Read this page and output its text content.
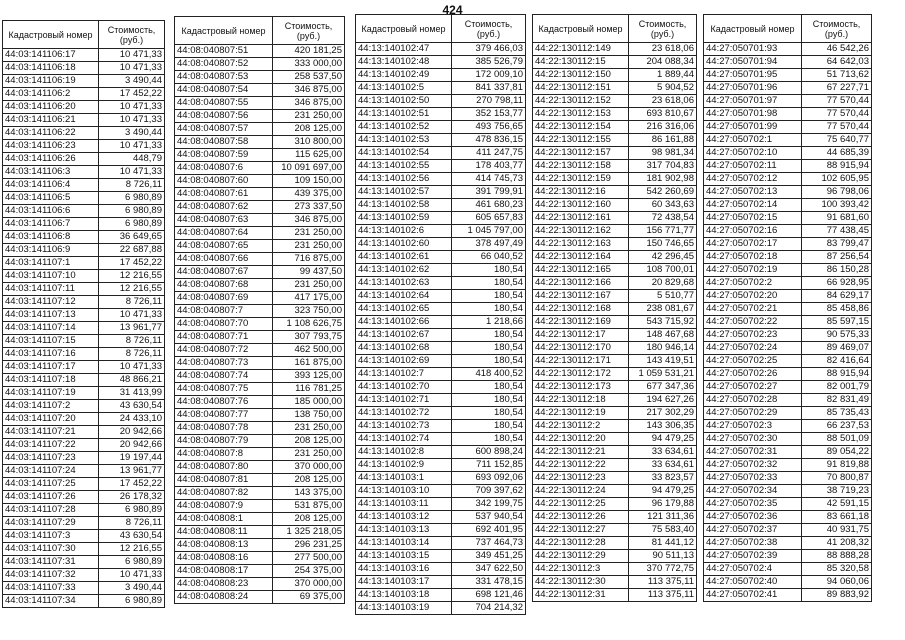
424
Кадастровый номер	Стоимость, (руб.)
44:03:141106:17	10 471,33
44:03:141106:18	10 471,33
44:03:141106:19	3 490,44
44:03:141106:2	17 452,22
44:03:141106:20	10 471,33
44:03:141106:21	10 471,33
44:03:141106:22	3 490,44
44:03:141106:23	10 471,33
44:03:141106:26	448,79
44:03:141106:3	10 471,33
44:03:141106:4	8 726,11
44:03:141106:5	6 980,89
44:03:141106:6	6 980,89
44:03:141106:7	6 980,89
44:03:141106:8	36 649,65
44:03:141106:9	22 687,88
44:03:141107:1	17 452,22
44:03:141107:10	12 216,55
44:03:141107:11	12 216,55
44:03:141107:12	8 726,11
44:03:141107:13	10 471,33
44:03:141107:14	13 961,77
44:03:141107:15	8 726,11
44:03:141107:16	8 726,11
44:03:141107:17	10 471,33
44:03:141107:18	48 866,21
44:03:141107:19	31 413,99
44:03:141107:2	43 630,54
44:03:141107:20	24 433,10
44:03:141107:21	20 942,66
44:03:141107:22	20 942,66
44:03:141107:23	19 197,44
44:03:141107:24	13 961,77
44:03:141107:25	17 452,22
44:03:141107:26	26 178,32
44:03:141107:28	6 980,89
44:03:141107:29	8 726,11
44:03:141107:3	43 630,54
44:03:141107:30	12 216,55
44:03:141107:31	6 980,89
44:03:141107:32	10 471,33
44:03:141107:33	3 490,44
44:03:141107:34	6 980,89
Кадастровый номер	Стоимость, (руб.)
44:08:040807:51	420 181,25
44:08:040807:52	333 000,00
44:08:040807:53	258 537,50
44:08:040807:54	346 875,00
44:08:040807:55	346 875,00
44:08:040807:56	231 250,00
44:08:040807:57	208 125,00
44:08:040807:58	310 800,00
44:08:040807:59	115 625,00
44:08:040807:6	10 091 697,00
44:08:040807:60	109 150,00
44:08:040807:61	439 375,00
44:08:040807:62	273 337,50
44:08:040807:63	346 875,00
44:08:040807:64	231 250,00
44:08:040807:65	231 250,00
44:08:040807:66	716 875,00
44:08:040807:67	99 437,50
44:08:040807:68	231 250,00
44:08:040807:69	417 175,00
44:08:040807:7	323 750,00
44:08:040807:70	1 108 626,75
44:08:040807:71	307 793,75
44:08:040807:72	462 500,00
44:08:040807:73	161 875,00
44:08:040807:74	393 125,00
44:08:040807:75	116 781,25
44:08:040807:76	185 000,00
44:08:040807:77	138 750,00
44:08:040807:78	231 250,00
44:08:040807:79	208 125,00
44:08:040807:8	231 250,00
44:08:040807:80	370 000,00
44:08:040807:81	208 125,00
44:08:040807:82	143 375,00
44:08:040807:9	531 875,00
44:08:040808:1	208 125,00
44:08:040808:11	1 325 218,05
44:08:040808:13	296 231,25
44:08:040808:16	277 500,00
44:08:040808:17	254 375,00
44:08:040808:23	370 000,00
44:08:040808:24	69 375,00
Кадастровый номер	Стоимость, (руб.)
44:13:140102:47	379 466,03
44:13:140102:48	385 526,79
44:13:140102:49	172 009,10
44:13:140102:5	841 337,81
44:13:140102:50	270 798,11
44:13:140102:51	352 153,77
44:13:140102:52	493 756,65
44:13:140102:53	478 836,15
44:13:140102:54	411 247,75
44:13:140102:55	178 403,77
44:13:140102:56	414 745,73
44:13:140102:57	391 799,91
44:13:140102:58	461 680,23
44:13:140102:59	605 657,83
44:13:140102:6	1 045 797,00
44:13:140102:60	378 497,49
44:13:140102:61	66 040,52
44:13:140102:62	180,54
44:13:140102:63	180,54
44:13:140102:64	180,54
44:13:140102:65	180,54
44:13:140102:66	1 218,66
44:13:140102:67	180,54
44:13:140102:68	180,54
44:13:140102:69	180,54
44:13:140102:7	418 400,52
44:13:140102:70	180,54
44:13:140102:71	180,54
44:13:140102:72	180,54
44:13:140102:73	180,54
44:13:140102:74	180,54
44:13:140102:8	600 898,24
44:13:140102:9	711 152,85
44:13:140103:1	693 092,06
44:13:140103:10	709 397,62
44:13:140103:11	342 199,75
44:13:140103:12	537 940,54
44:13:140103:13	692 401,95
44:13:140103:14	737 464,73
44:13:140103:15	349 451,25
44:13:140103:16	347 622,50
44:13:140103:17	331 478,15
44:13:140103:18	698 121,46
44:13:140103:19	704 214,32
Кадастровый номер	Стоимость, (руб.)
44:22:130112:149	23 618,06
44:22:130112:15	204 088,34
44:22:130112:150	1 889,44
44:22:130112:151	5 904,52
44:22:130112:152	23 618,06
44:22:130112:153	693 810,67
44:22:130112:154	216 316,06
44:22:130112:155	86 161,88
44:22:130112:157	98 981,34
44:22:130112:158	317 704,83
44:22:130112:159	181 902,98
44:22:130112:16	542 260,69
44:22:130112:160	60 343,63
44:22:130112:161	72 438,54
44:22:130112:162	156 771,77
44:22:130112:163	150 746,65
44:22:130112:164	42 296,45
44:22:130112:165	108 700,01
44:22:130112:166	20 829,68
44:22:130112:167	5 510,77
44:22:130112:168	238 081,67
44:22:130112:169	543 715,92
44:22:130112:17	148 467,68
44:22:130112:170	180 946,14
44:22:130112:171	143 419,51
44:22:130112:172	1 059 531,21
44:22:130112:173	677 347,36
44:22:130112:18	194 627,26
44:22:130112:19	217 302,29
44:22:130112:2	143 306,35
44:22:130112:20	94 479,25
44:22:130112:21	33 634,61
44:22:130112:22	33 634,61
44:22:130112:23	33 823,57
44:22:130112:24	94 479,25
44:22:130112:25	96 179,88
44:22:130112:26	121 311,36
44:22:130112:27	75 583,40
44:22:130112:28	81 441,12
44:22:130112:29	90 511,13
44:22:130112:3	370 772,75
44:22:130112:30	113 375,11
44:22:130112:31	113 375,11
Кадастровый номер	Стоимость, (руб.)
44:27:050701:93	46 542,26
44:27:050701:94	64 642,03
44:27:050701:95	51 713,62
44:27:050701:96	67 227,71
44:27:050701:97	77 570,44
44:27:050701:98	77 570,44
44:27:050701:99	77 570,44
44:27:050702:1	75 640,77
44:27:050702:10	44 685,39
44:27:050702:11	88 915,94
44:27:050702:12	102 605,95
44:27:050702:13	96 798,06
44:27:050702:14	100 393,42
44:27:050702:15	91 681,60
44:27:050702:16	77 438,45
44:27:050702:17	83 799,47
44:27:050702:18	87 256,54
44:27:050702:19	86 150,28
44:27:050702:2	66 928,95
44:27:050702:20	84 629,17
44:27:050702:21	85 458,86
44:27:050702:22	85 597,15
44:27:050702:23	90 575,33
44:27:050702:24	89 469,07
44:27:050702:25	82 416,64
44:27:050702:26	88 915,94
44:27:050702:27	82 001,79
44:27:050702:28	82 831,49
44:27:050702:29	85 735,43
44:27:050702:3	66 237,53
44:27:050702:30	88 501,09
44:27:050702:31	89 054,22
44:27:050702:32	91 819,88
44:27:050702:33	70 800,87
44:27:050702:34	38 719,23
44:27:050702:35	42 591,15
44:27:050702:36	83 661,18
44:27:050702:37	40 931,75
44:27:050702:38	41 208,32
44:27:050702:39	88 888,28
44:27:050702:4	85 320,58
44:27:050702:40	94 060,06
44:27:050702:41	89 883,92
